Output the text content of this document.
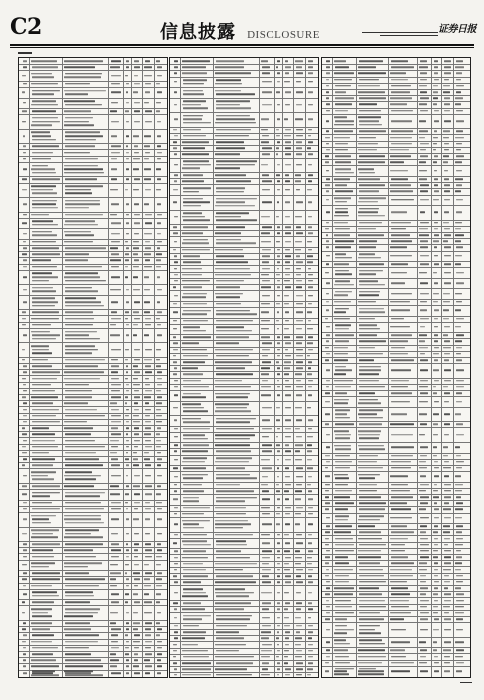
C2	信息披露 DISCLOSURE	证券日报
